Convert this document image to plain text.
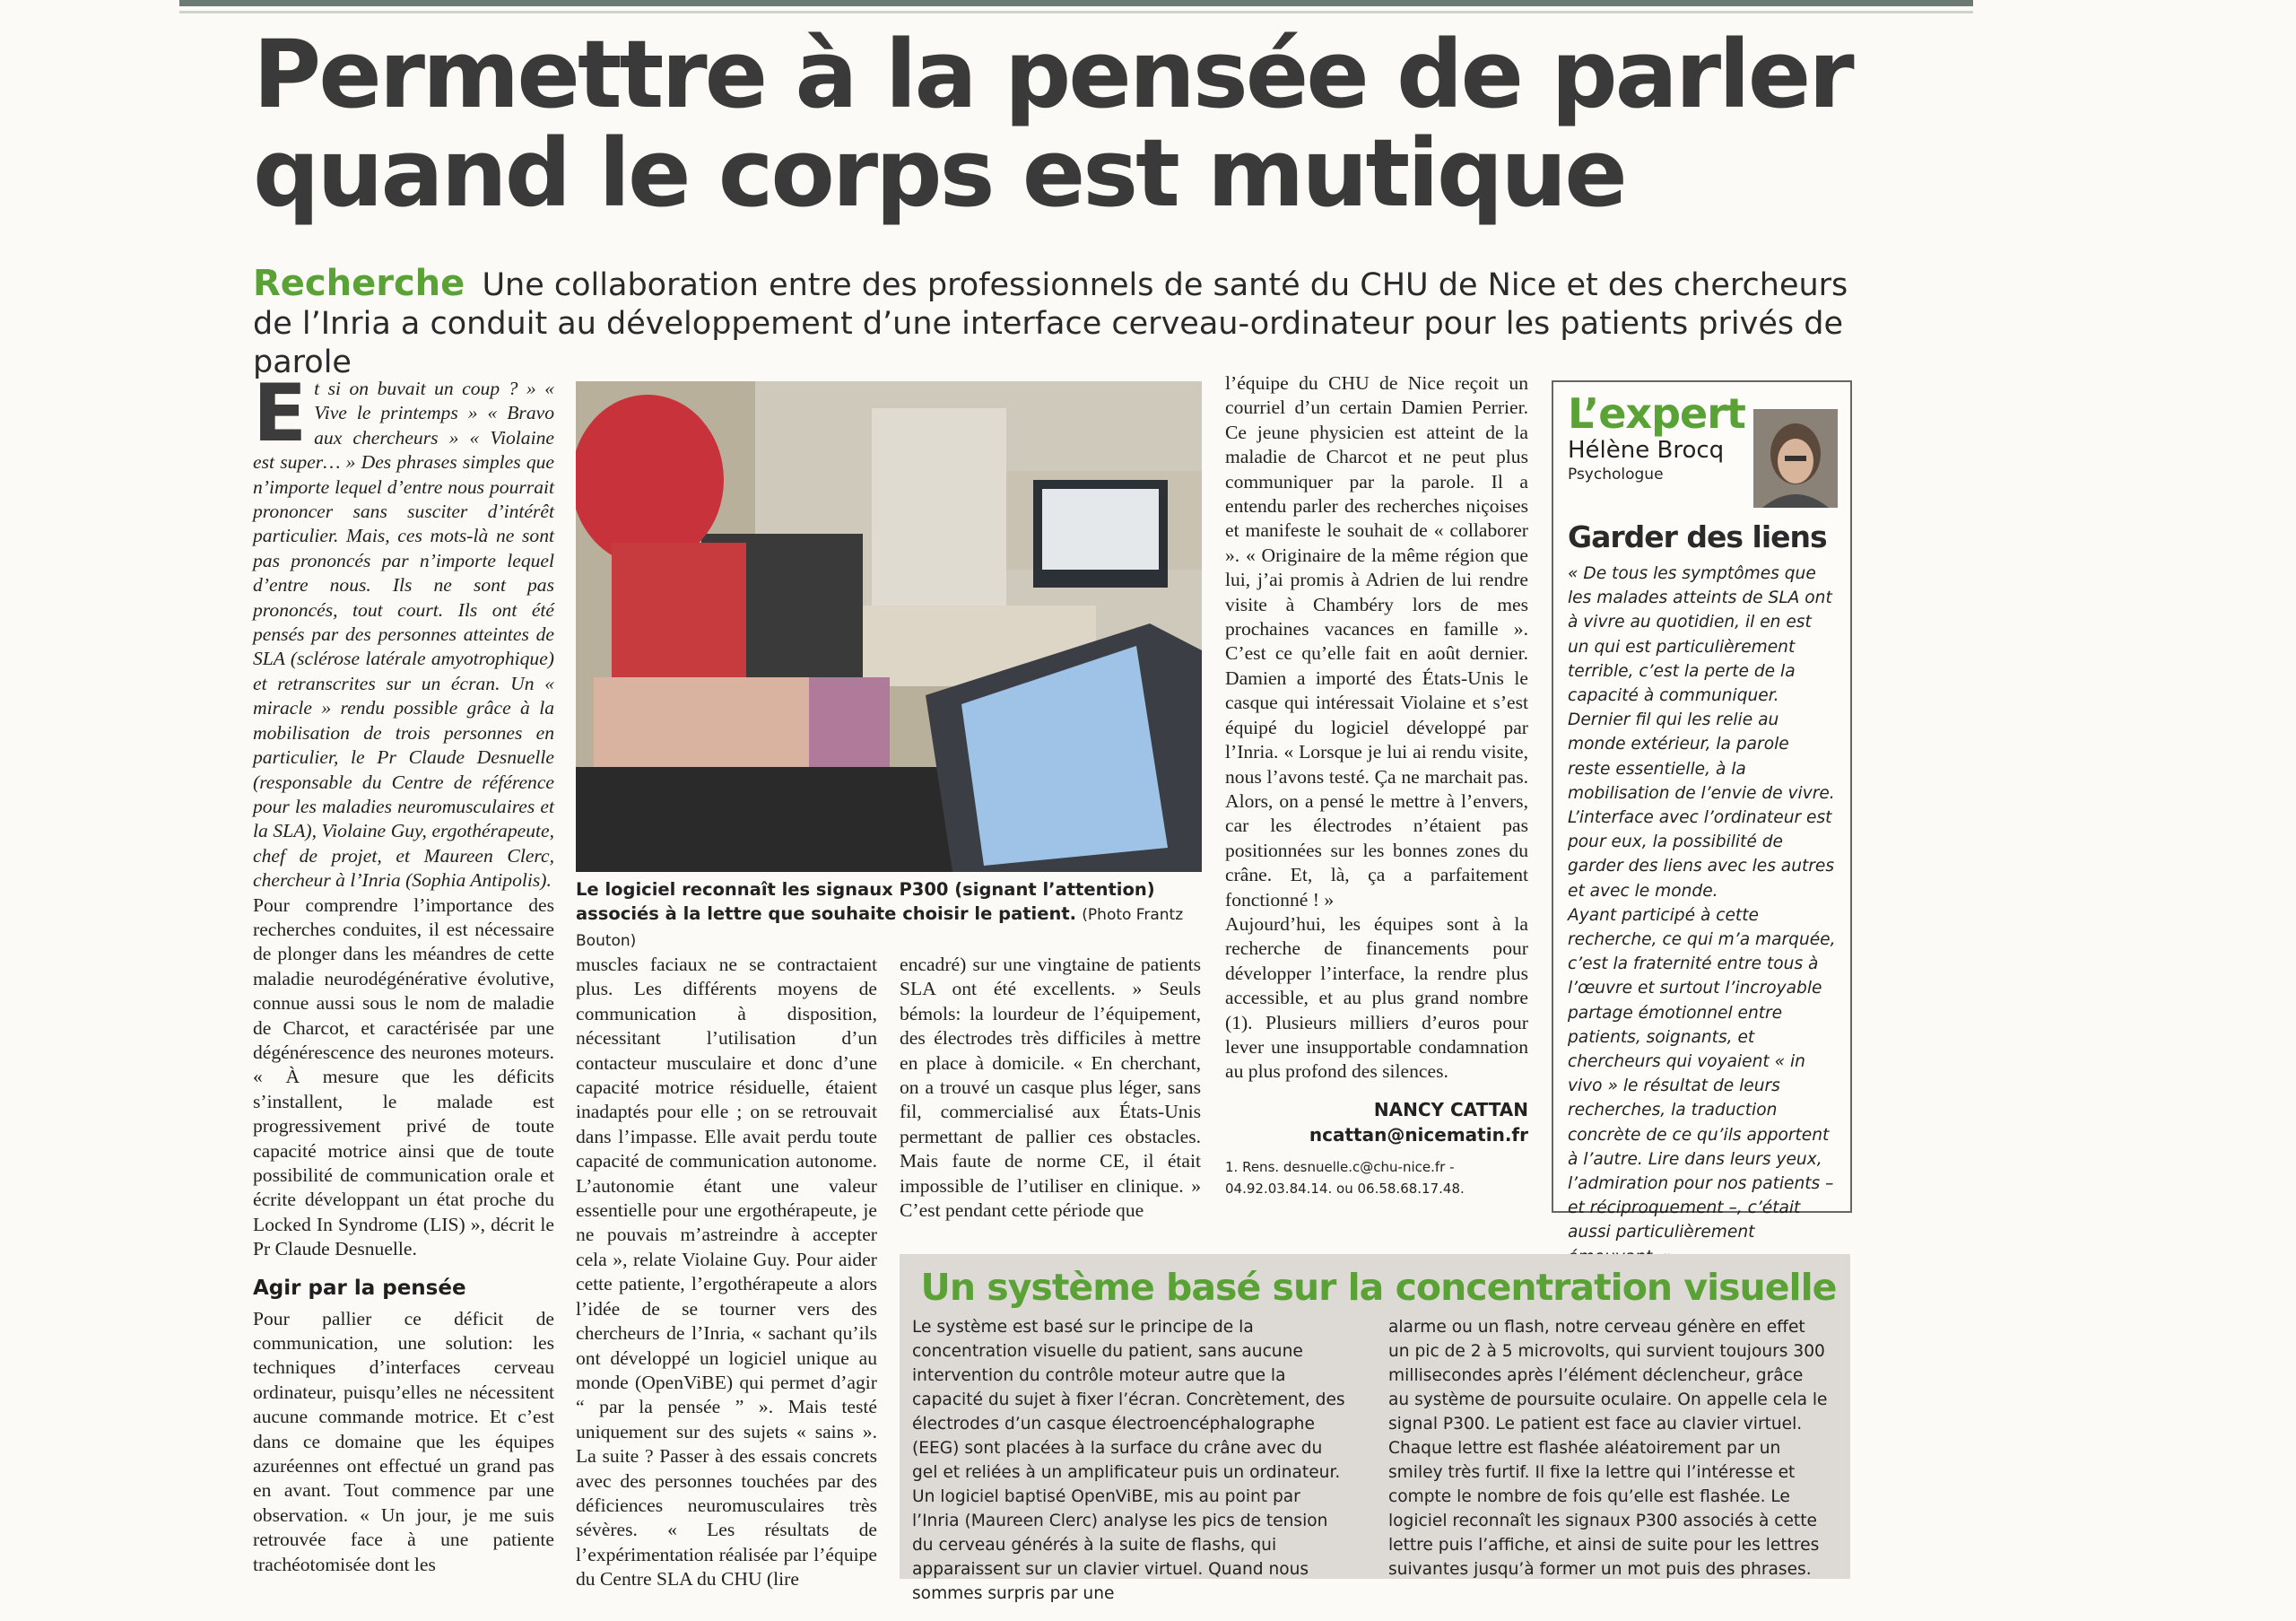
Permettre à la pensée de parler
quand le corps est mutique
Recherche Une collaboration entre des professionnels de santé du CHU de Nice et des chercheurs de l’Inria a conduit au développement d’une interface cerveau-ordinateur pour les patients privés de parole

E t si on buvait un coup ? » « Vive le printemps » « Bravo aux chercheurs » « Violaine est super… » Des phrases simples que n’importe lequel d’entre nous pourrait prononcer sans susciter d’intérêt particulier. Mais, ces mots-là ne sont pas prononcés par n’importe lequel d’entre nous. Ils ne sont pas prononcés, tout court. Ils ont été pensés par des personnes atteintes de SLA (sclérose latérale amyotrophique) et retranscrites sur un écran. Un « miracle » rendu possible grâce à la mobilisation de trois personnes en particulier, le Pr Claude Desnuelle (responsable du Centre de référence pour les maladies neuromusculaires et la SLA), Violaine Guy, ergothérapeute, chef de projet, et Maureen Clerc, chercheur à l’Inria (Sophia Antipolis).

Pour comprendre l’importance des recherches conduites, il est nécessaire de plonger dans les méandres de cette maladie neurodégénérative évolutive, connue aussi sous le nom de maladie de Charcot, et caractérisée par une dégénérescence des neurones moteurs. « À mesure que les déficits s’installent, le malade est progressivement privé de toute capacité motrice ainsi que de toute possibilité de communication orale et écrite développant un état proche du Locked In Syndrome (LIS) », décrit le Pr Claude Desnuelle.

Agir par la pensée

Pour pallier ce déficit de communication, une solution: les techniques d’interfaces cerveau ordinateur, puisqu’elles ne nécessitent aucune commande motrice. Et c’est dans ce domaine que les équipes azuréennes ont effectué un grand pas en avant. Tout commence par une observation. « Un jour, je me suis retrouvée face à une patiente trachéotomisée dont les

Le logiciel reconnaît les signaux P300 (signant l’attention) associés à la lettre que souhaite choisir le patient. (Photo Frantz Bouton)

muscles faciaux ne se contractaient plus. Les différents moyens de communication à disposition, nécessitant l’utilisation d’un contacteur musculaire et donc d’une capacité motrice résiduelle, étaient inadaptés pour elle ; on se retrouvait dans l’impasse. Elle avait perdu toute capacité de communication autonome. L’autonomie étant une valeur essentielle pour une ergothérapeute, je ne pouvais m’astreindre à accepter cela », relate Violaine Guy. Pour aider cette patiente, l’ergothérapeute a alors l’idée de se tourner vers des chercheurs de l’Inria, « sachant qu’ils ont développé un logiciel unique au monde (OpenViBE) qui permet d’agir “ par la pensée ” ». Mais testé uniquement sur des sujets « sains ». La suite ? Passer à des essais concrets avec des personnes touchées par des déficiences neuromusculaires très sévères. « Les résultats de l’expérimentation réalisée par l’équipe du Centre SLA du CHU (lire

encadré) sur une vingtaine de patients SLA ont été excellents. » Seuls bémols: la lourdeur de l’équipement, des électrodes très difficiles à mettre en place à domicile. « En cherchant, on a trouvé un casque plus léger, sans fil, commercialisé aux États-Unis permettant de pallier ces obstacles. Mais faute de norme CE, il était impossible de l’utiliser en clinique. » C’est pendant cette période que

l’équipe du CHU de Nice reçoit un courriel d’un certain Damien Perrier. Ce jeune physicien est atteint de la maladie de Charcot et ne peut plus communiquer par la parole. Il a entendu parler des recherches niçoises et manifeste le souhait de « collaborer ». « Originaire de la même région que lui, j’ai promis à Adrien de lui rendre visite à Chambéry lors de mes prochaines vacances en famille ». C’est ce qu’elle fait en août dernier. Damien a importé des États-Unis le casque qui intéressait Violaine et s’est équipé du logiciel développé par l’Inria. « Lorsque je lui ai rendu visite, nous l’avons testé. Ça ne marchait pas. Alors, on a pensé le mettre à l’envers, car les électrodes n’étaient pas positionnées sur les bonnes zones du crâne. Et, là, ça a parfaitement fonctionné ! »

Aujourd’hui, les équipes sont à la recherche de financements pour développer l’interface, la rendre plus accessible, et au plus grand nombre (1). Plusieurs milliers d’euros pour lever une insupportable condamnation au plus profond des silences.

NANCY CATTAN
ncattan@nicematin.fr
1. Rens. desnuelle.c@chu-nice.fr - 04.92.03.84.14. ou 06.58.68.17.48.
L’expert
Hélène Brocq
Psychologue
Garder des liens

« De tous les symptômes que les malades atteints de SLA ont à vivre au quotidien, il en est un qui est particulièrement terrible, c’est la perte de la capacité à communiquer. Dernier fil qui les relie au monde extérieur, la parole reste essentielle, à la mobilisation de l’envie de vivre. L’interface avec l’ordinateur est pour eux, la possibilité de garder des liens avec les autres et avec le monde.

Ayant participé à cette recherche, ce qui m’a marquée, c’est la fraternité entre tous à l’œuvre et surtout l’incroyable partage émotionnel entre patients, soignants, et chercheurs qui voyaient « in vivo » le résultat de leurs recherches, la traduction concrète de ce qu’ils apportent à l’autre. Lire dans leurs yeux, l’admiration pour nos patients – et réciproquement –, c’était aussi particulièrement

Un système basé sur la concentration visuelle
Le système est basé sur le principe de la concentration visuelle du patient, sans aucune intervention du contrôle moteur autre que la capacité du sujet à fixer l’écran. Concrètement, des électrodes d’un casque électroencéphalographe (EEG) sont placées à la surface du crâne avec du gel et reliées à un amplificateur puis un ordinateur. Un logiciel baptisé OpenViBE, mis au point par l’Inria (Maureen Clerc) analyse les pics de tension du cerveau générés à la suite de flashs, qui apparaissent sur un clavier virtuel. Quand nous sommes surpris par une
alarme ou un flash, notre cerveau génère en effet un pic de 2 à 5 microvolts, qui survient toujours 300 millisecondes après l’élément déclencheur, grâce au système de poursuite oculaire. On appelle cela le signal P300. Le patient est face au clavier virtuel. Chaque lettre est flashée aléatoirement par un smiley très furtif. Il fixe la lettre qui l’intéresse et compte le nombre de fois qu’elle est flashée. Le logiciel reconnaît les signaux P300 associés à cette lettre puis l’affiche, et ainsi de suite pour les lettres suivantes jusqu’à former un mot puis des phrases.
